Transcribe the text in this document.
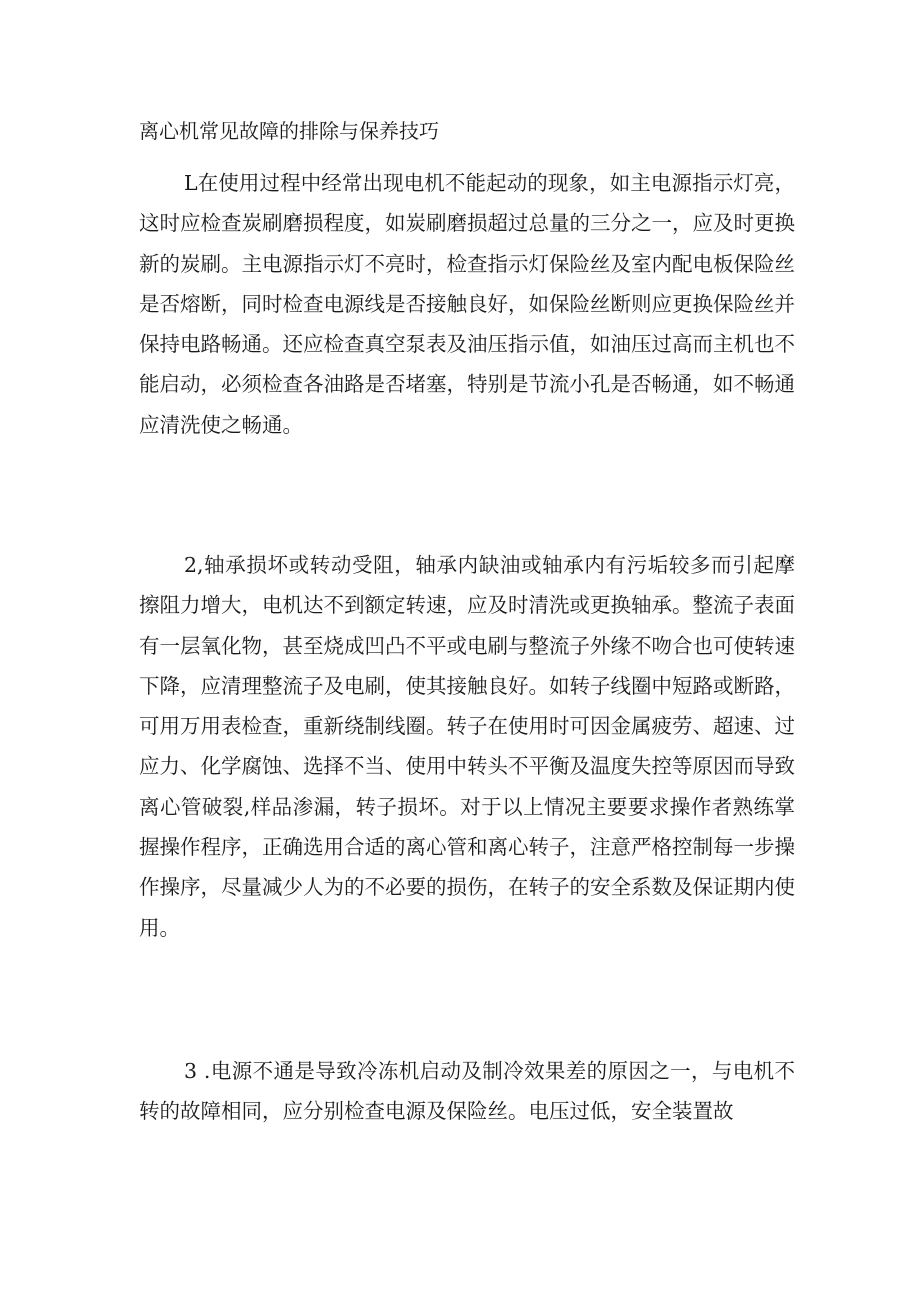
离心机常见故障的排除与保养技巧

L在使用过程中经常出现电机不能起动的现象，如主电源指示灯亮，这时应检查炭刷磨损程度，如炭刷磨损超过总量的三分之一，应及时更换新的炭刷。主电源指示灯不亮时，检查指示灯保险丝及室内配电板保险丝是否熔断，同时检查电源线是否接触良好，如保险丝断则应更换保险丝并保持电路畅通。还应检查真空泵表及油压指示值，如油压过高而主机也不能启动，必须检查各油路是否堵塞，特别是节流小孔是否畅通，如不畅通应清洗使之畅通。

2,轴承损坏或转动受阻，轴承内缺油或轴承内有污垢较多而引起摩擦阻力增大，电机达不到额定转速，应及时清洗或更换轴承。整流子表面有一层氧化物，甚至烧成凹凸不平或电刷与整流子外缘不吻合也可使转速下降，应清理整流子及电刷，使其接触良好。如转子线圈中短路或断路，可用万用表检查，重新绕制线圈。转子在使用时可因金属疲劳、超速、过应力、化学腐蚀、选择不当、使用中转头不平衡及温度失控等原因而导致离心管破裂,样品渗漏，转子损坏。对于以上情况主要要求操作者熟练掌握操作程序，正确选用合适的离心管和离心转子，注意严格控制每一步操作操序，尽量减少人为的不必要的损伤，在转子的安全系数及保证期内使用。

3 .电源不通是导致冷冻机启动及制冷效果差的原因之一，与电机不转的故障相同，应分别检查电源及保险丝。电压过低，安全装置故
